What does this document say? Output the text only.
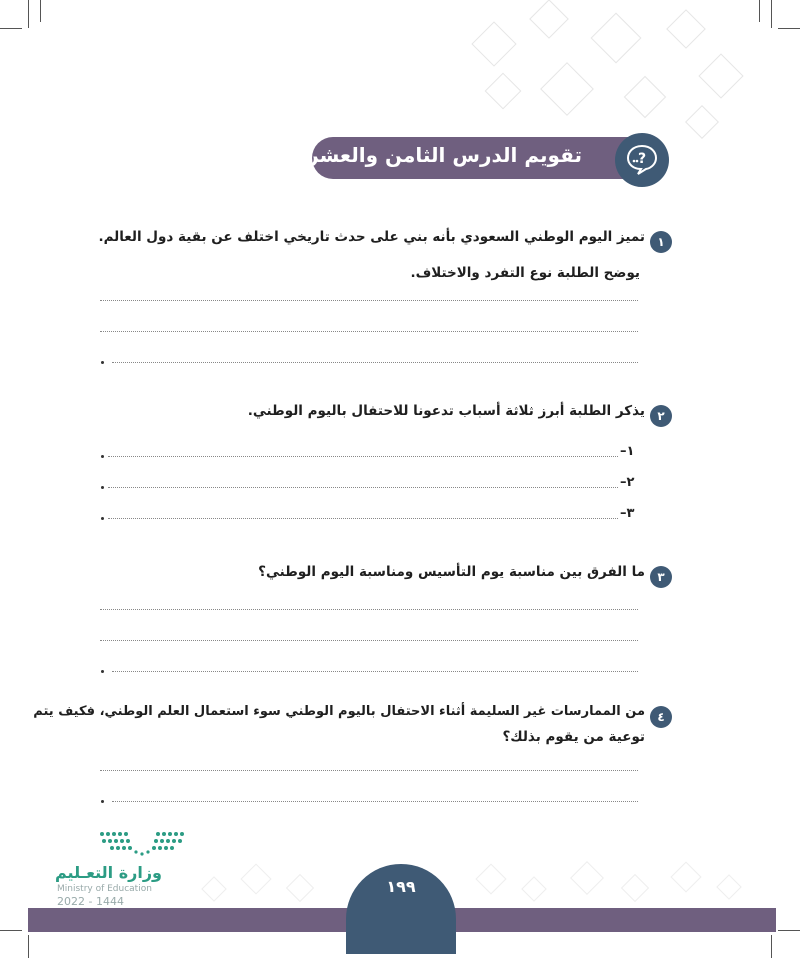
تقويم الدرس الثامن والعشرين	?
١
تميز اليوم الوطني السعودي بأنه بني على حدث تاريخي اختلف عن بقية دول العالم.
يوضح الطلبة نوع التفرد والاختلاف.
٢
يذكر الطلبة أبرز ثلاثة أسباب تدعونا للاحتفال باليوم الوطني.
١–
٢–
٣–
٣
ما الفرق بين مناسبة يوم التأسيس ومناسبة اليوم الوطني؟
٤
من الممارسات غير السليمة أثناء الاحتفال باليوم الوطني سوء استعمال العلم الوطني، فكيف يتم
توعية من يقوم بذلك؟
١٩٩
وزارة التعـليم
Ministry of Education
2022 - 1444
